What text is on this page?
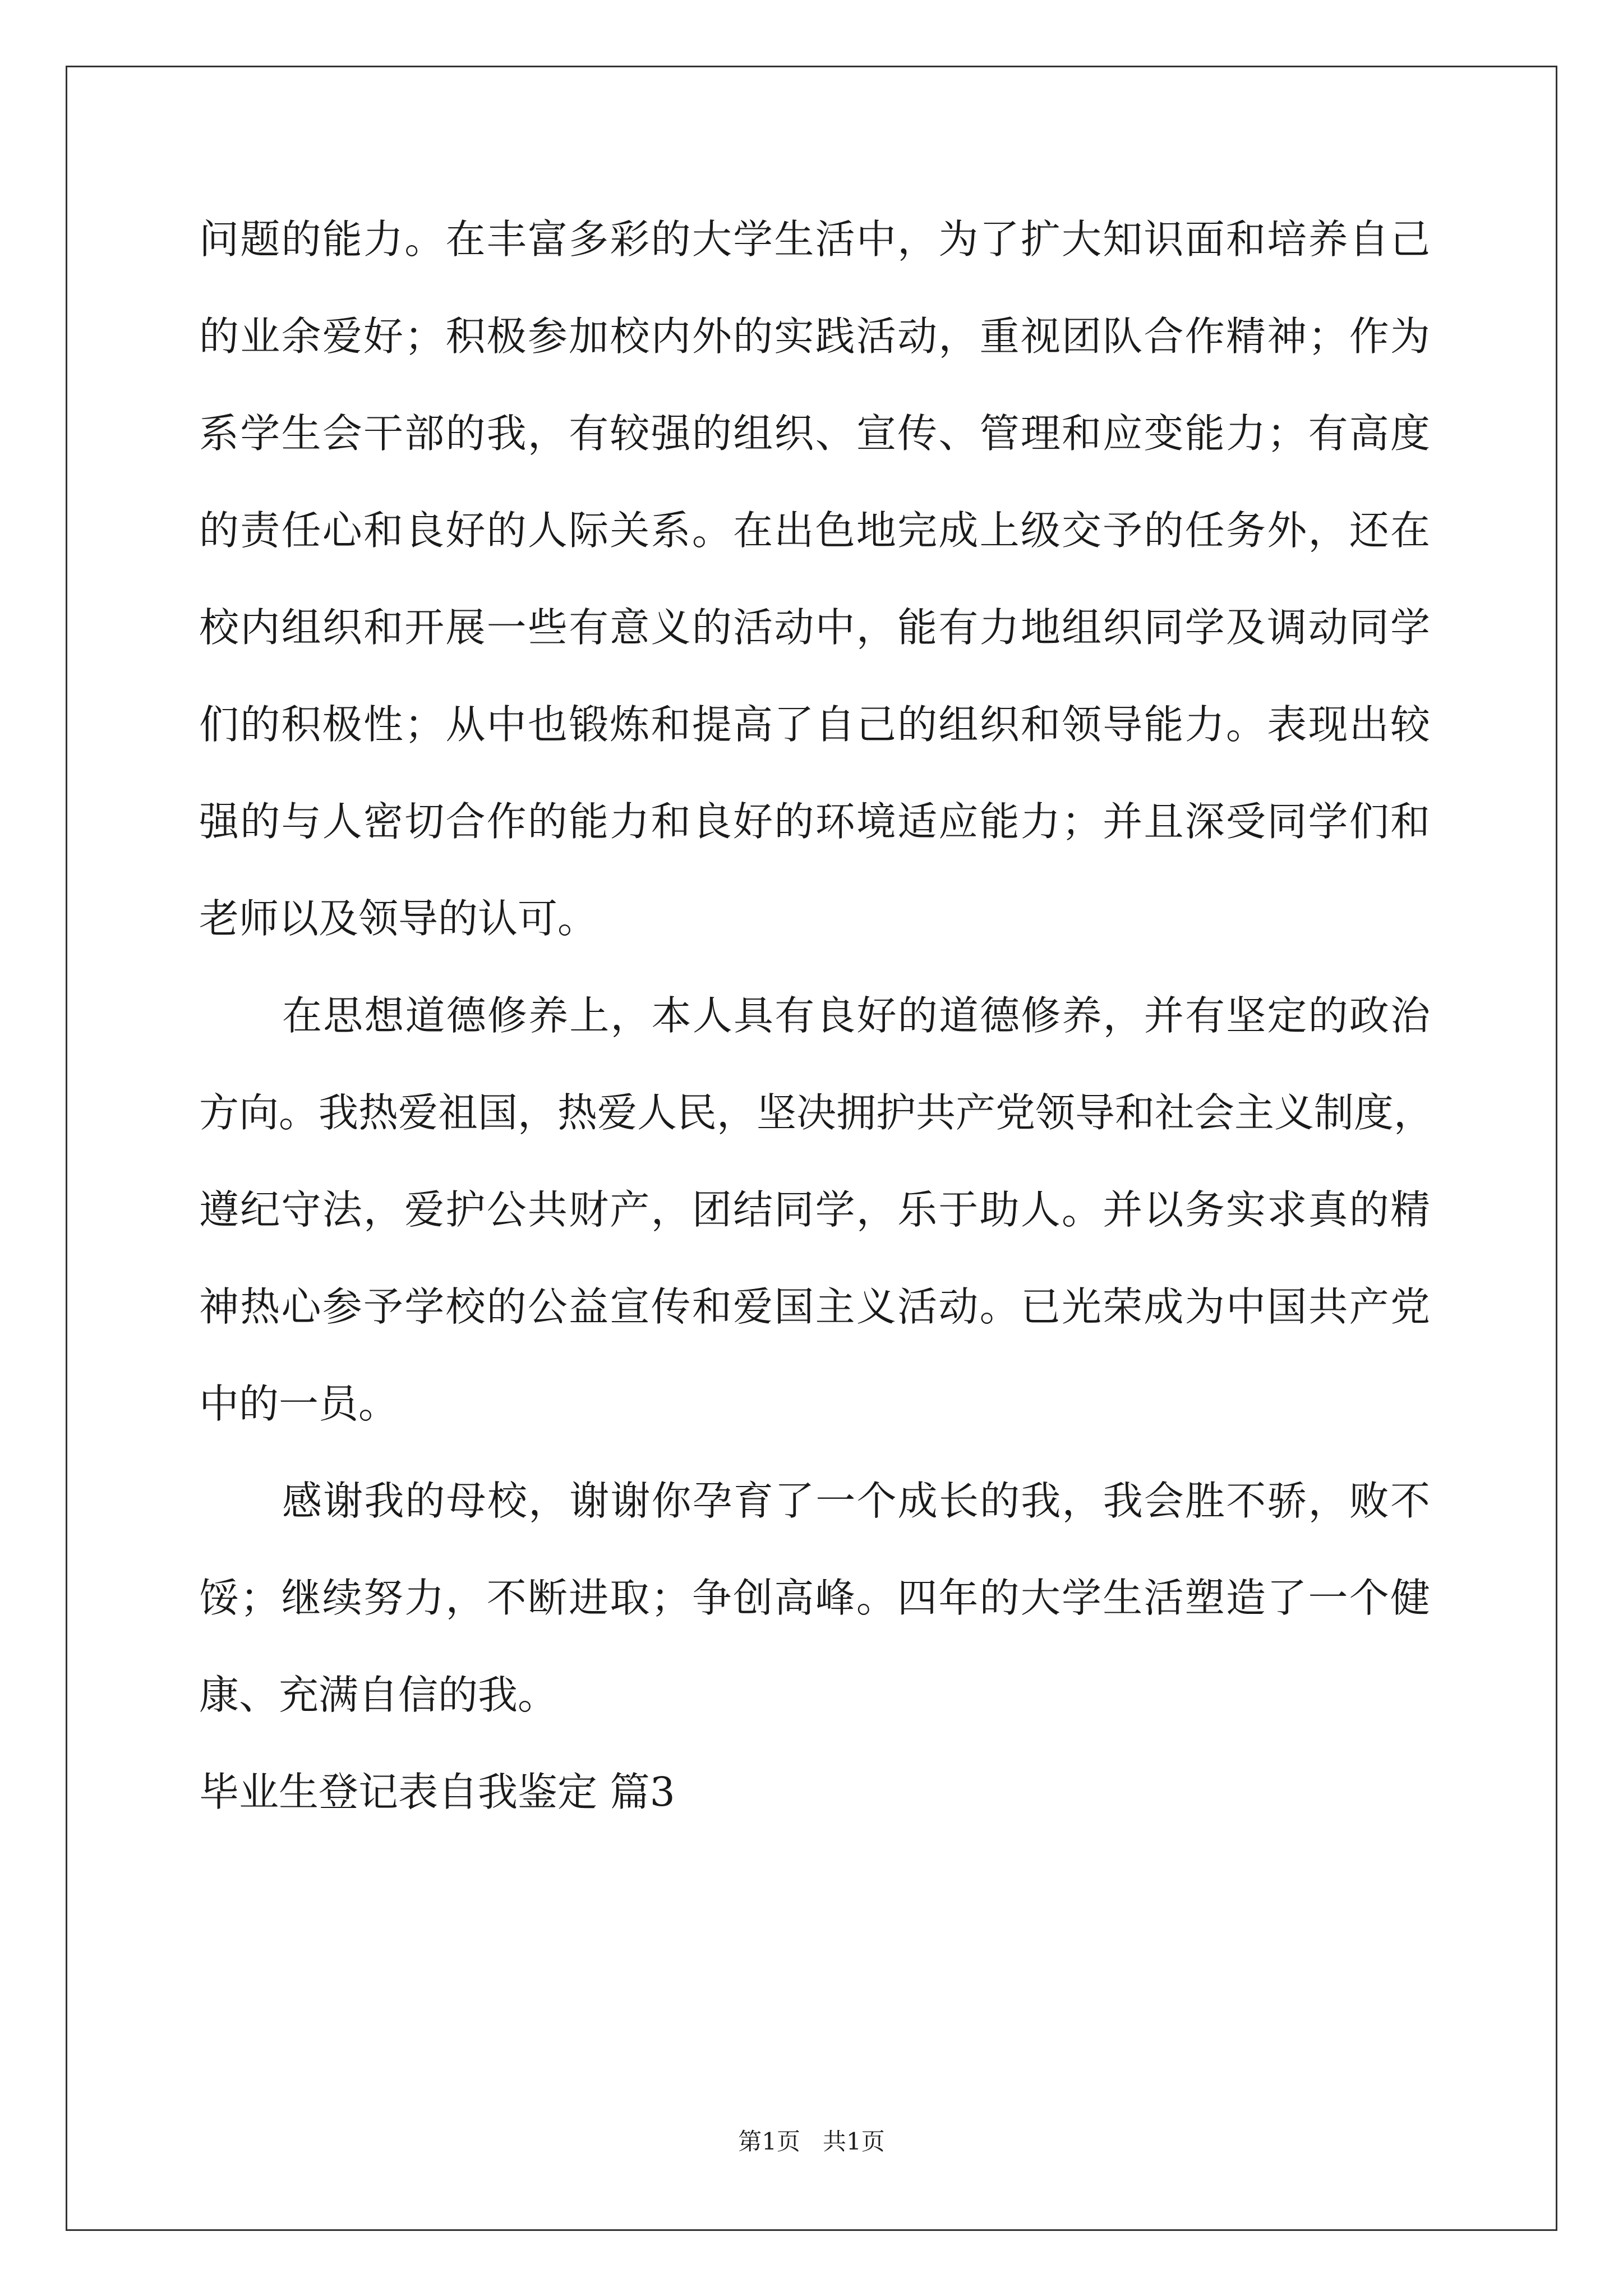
问题的能力。在丰富多彩的大学生活中，为了扩大知识面和培养自己
的业余爱好；积极参加校内外的实践活动，重视团队合作精神；作为
系学生会干部的我，有较强的组织、宣传、管理和应变能力；有高度
的责任心和良好的人际关系。在出色地完成上级交予的任务外，还在
校内组织和开展一些有意义的活动中，能有力地组织同学及调动同学
们的积极性；从中也锻炼和提高了自己的组织和领导能力。表现出较
强的与人密切合作的能力和良好的环境适应能力；并且深受同学们和
老师以及领导的认可。
在思想道德修养上，本人具有良好的道德修养，并有坚定的政治
方向。我热爱祖国，热爱人民，坚决拥护共产党领导和社会主义制度，
遵纪守法，爱护公共财产，团结同学，乐于助人。并以务实求真的精
神热心参予学校的公益宣传和爱国主义活动。已光荣成为中国共产党
中的一员。
感谢我的母校，谢谢你孕育了一个成长的我，我会胜不骄，败不
馁；继续努力，不断进取；争创高峰。四年的大学生活塑造了一个健
康、充满自信的我。
毕业生登记表自我鉴定 篇3
第1页   共1页
